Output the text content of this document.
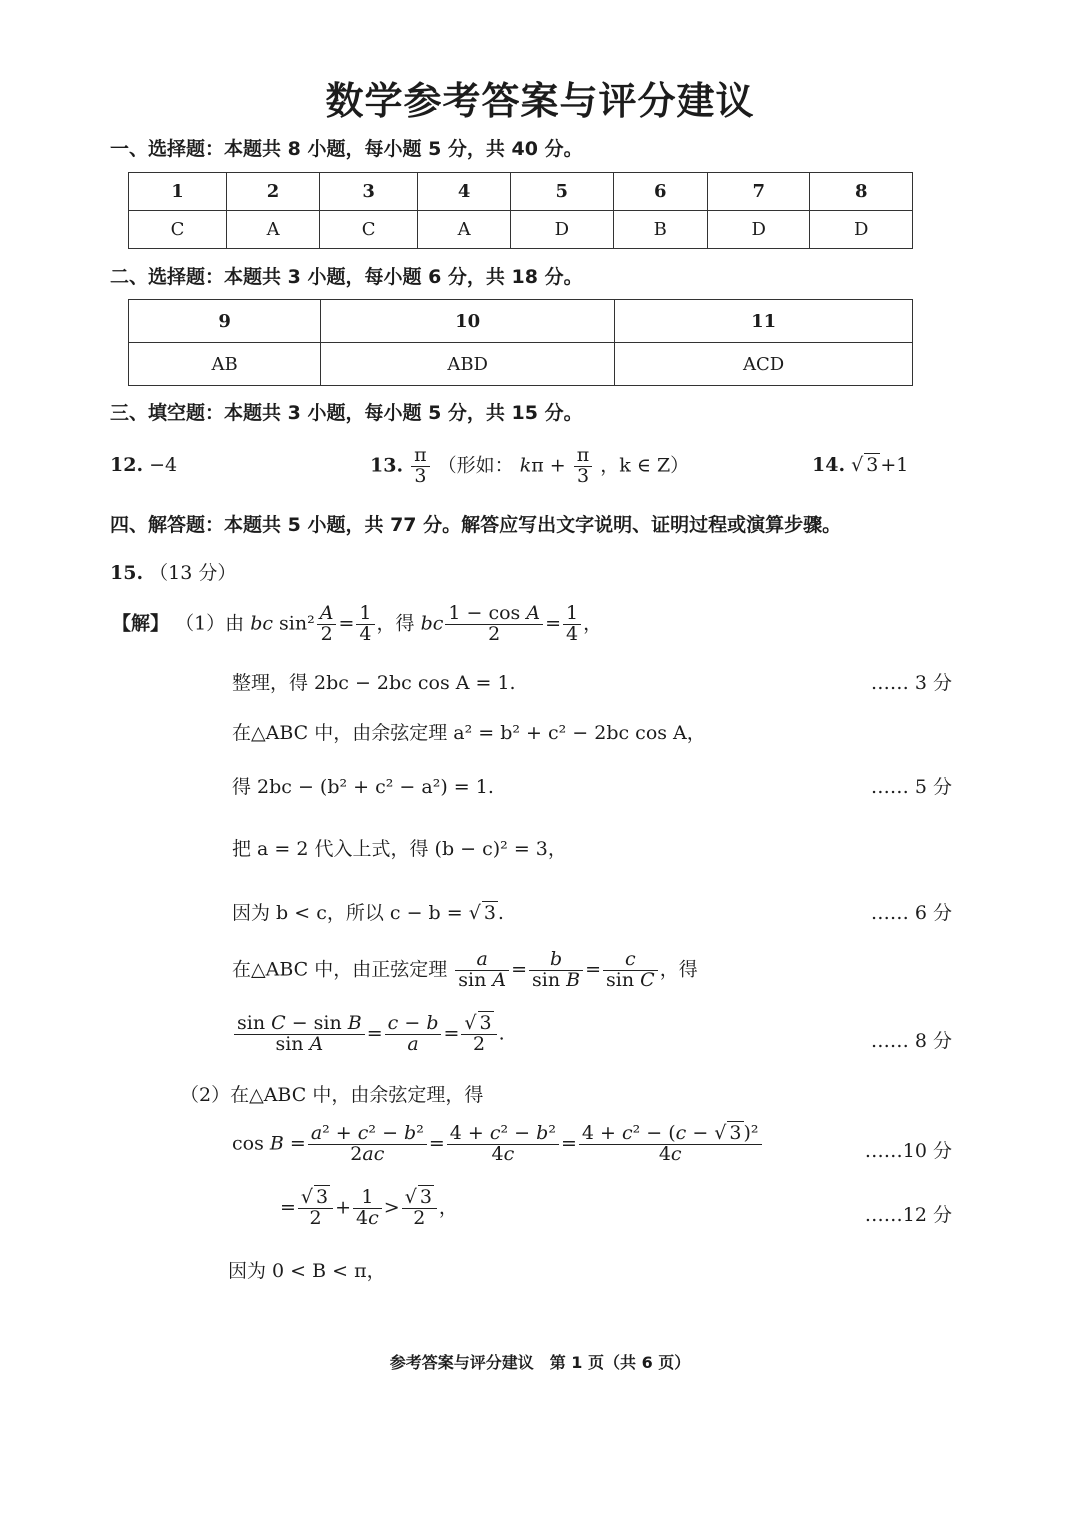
数学参考答案与评分建议
一、选择题：本题共 8 小题，每小题 5 分，共 40 分。
1	2	3	4	5	6	7	8
C	A	C	A	D	B	D	D
二、选择题：本题共 3 小题，每小题 6 分，共 18 分。
9	10	11
AB	ABD	ACD
三、填空题：本题共 3 小题，每小题 5 分，共 15 分。
12. −4	13. $\frac{\pi}{3}$ （形如： $k\pi + \frac{\pi}{3}$ ，k ∈ Z）	14. √ 3 +1
四、解答题：本题共 5 小题，共 77 分。解答应写出文字说明、证明过程或演算步骤。
15. （13 分）
【解】 （1）由 bc $\sin^2 \frac{A}{2} = \frac{1}{4}$ ，得 bc $\frac{\text{1 − cos A}}{2} = \frac{1}{4}$ ，
整理，得 2bc − 2bc cos A = 1.	…… 3 分
在△ABC 中，由余弦定理 a² = b² + c² − 2bc cos A，
得 2bc − (b² + c² − a²) = 1.	…… 5 分
把 a = 2 代入上式，得 (b − c)² = 3，
因为 b < c，所以 c − b = √ 3 .	…… 6 分
在△ABC 中，由正弦定理 $\frac{a}{\text{sin A}} = \frac{b}{\text{sin B}} = \frac{c}{\text{sin C}}$ ，得
$\frac{\text{sin C − sin B}}{\text{sin A}} = \frac{c - b}{a} = \frac{√ 3}{2}$ .	…… 8 分
（2）在△ABC 中，由余弦定理，得
$\cos B = \frac{\text{a² + c² − b²}}{2ac} = \frac{\text{4 + c² − b²}}{4c} = \frac{\text{4 + c² − (c − √ 3 )²}}{4c}$	……10 分
= $\frac{√ 3}{2} + \frac{1}{4c} > \frac{√ 3}{2}$ ，	……12 分
因为 0 < B < π，
参考答案与评分建议　第 1 页（共 6 页）
